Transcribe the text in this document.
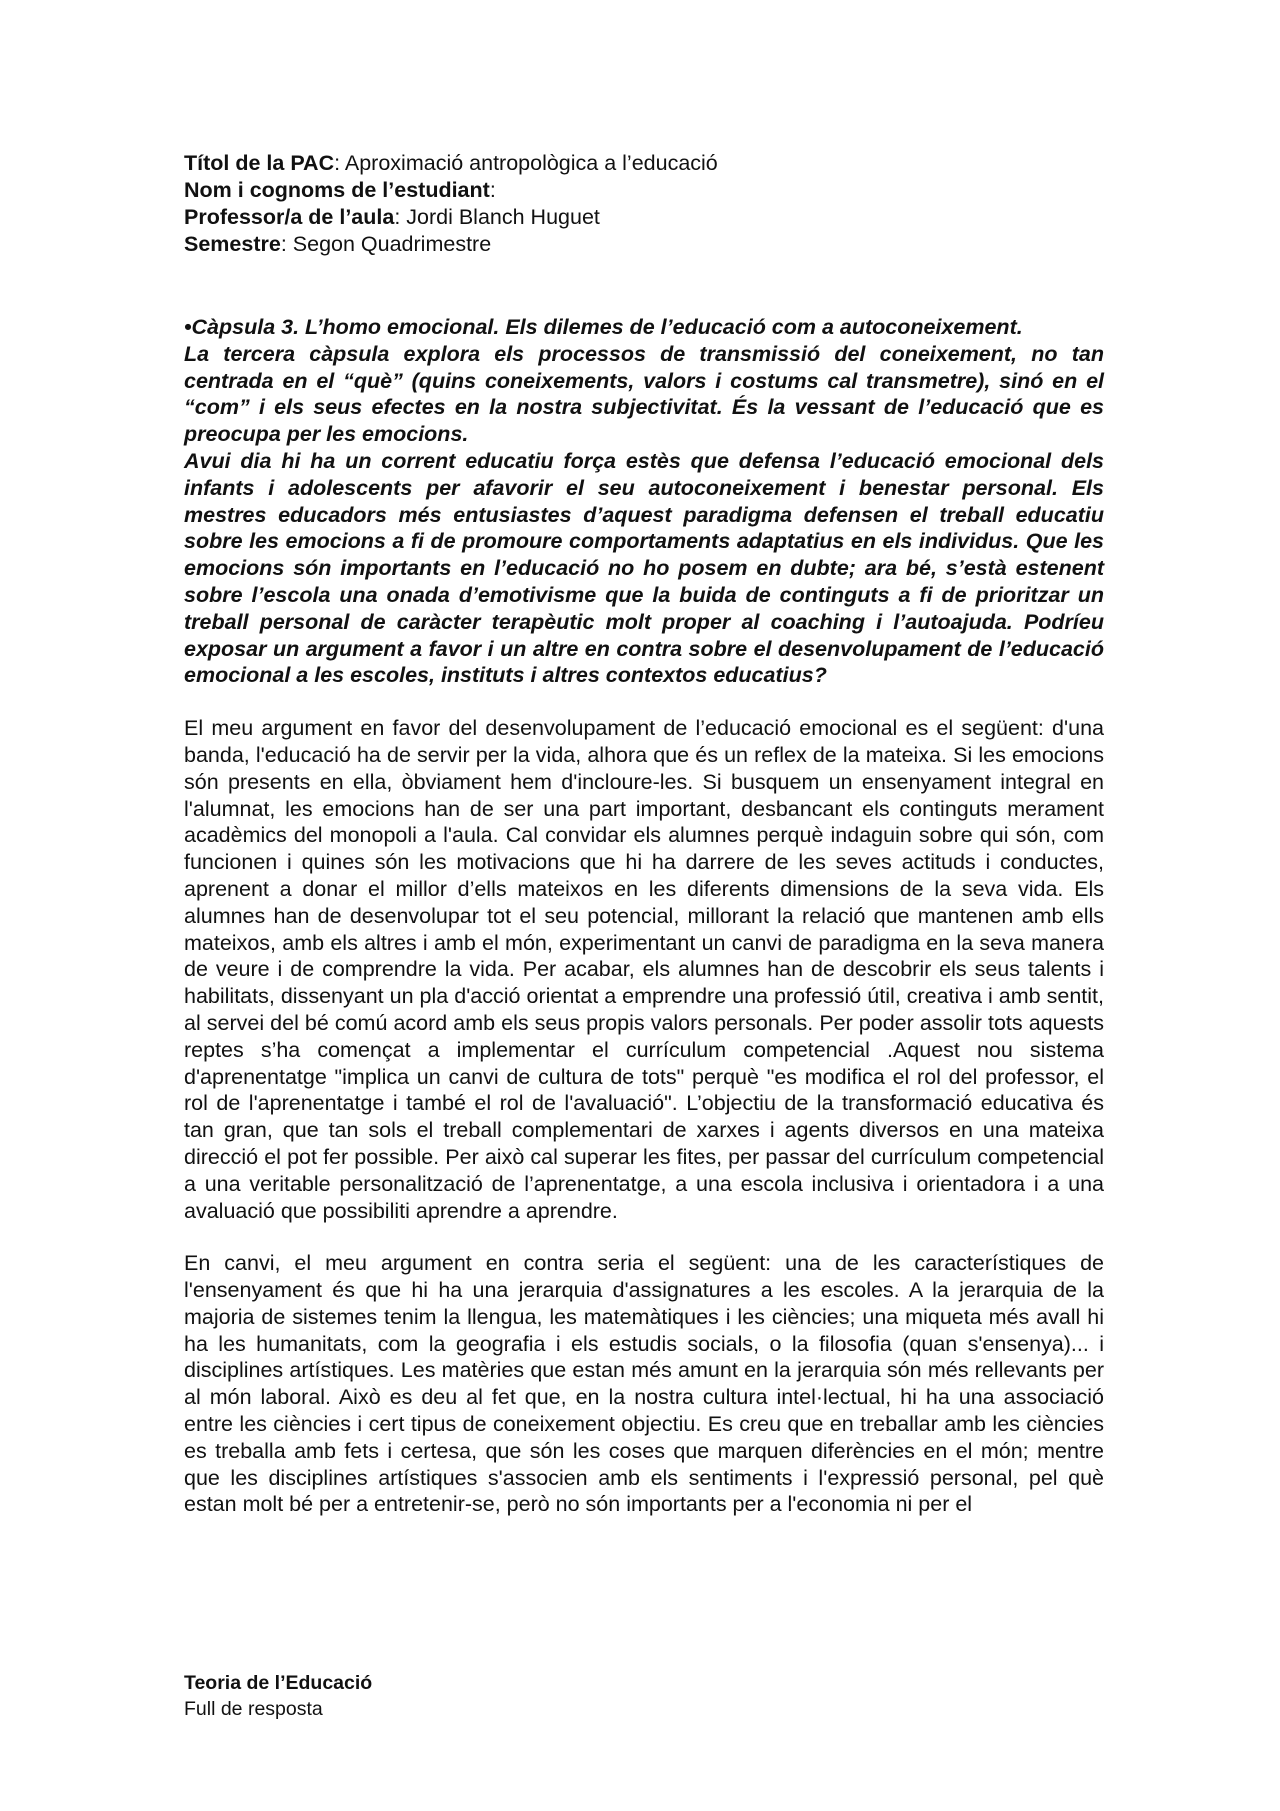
Títol de la PAC: Aproximació antropològica a l’educació
Nom i cognoms de l’estudiant:
Professor/a de l’aula: Jordi Blanch Huguet
Semestre: Segon Quadrimestre

•Càpsula 3. L’homo emocional. Els dilemes de l’educació com a autoconeixement.

La tercera càpsula explora els processos de transmissió del coneixement, no tan centrada en el “què” (quins coneixements, valors i costums cal transmetre), sinó en el “com” i els seus efectes en la nostra subjectivitat. És la vessant de l’educació que es preocupa per les emocions.

Avui dia hi ha un corrent educatiu força estès que defensa l’educació emocional dels infants i adolescents per afavorir el seu autoconeixement i benestar personal. Els mestres educadors més entusiastes d’aquest paradigma defensen el treball educatiu sobre les emocions a fi de promoure comportaments adaptatius en els individus. Que les emocions són importants en l’educació no ho posem en dubte; ara bé, s’està estenent sobre l’escola una onada d’emotivisme que la buida de continguts a fi de prioritzar un treball personal de caràcter terapèutic molt proper al coaching i l’autoajuda. Podríeu exposar un argument a favor i un altre en contra sobre el desenvolupament de l’educació emocional a les escoles, instituts i altres contextos educatius?

El meu argument en favor del desenvolupament de l’educació emocional es el següent: d'una banda, l'educació ha de servir per la vida, alhora que és un reflex de la mateixa. Si les emocions són presents en ella, òbviament hem d'incloure-les. Si busquem un ensenyament integral en l'alumnat, les emocions han de ser una part important, desbancant els continguts merament acadèmics del monopoli a l'aula. Cal convidar els alumnes perquè indaguin sobre qui són, com funcionen i quines són les motivacions que hi ha darrere de les seves actituds i conductes, aprenent a donar el millor d’ells mateixos en les diferents dimensions de la seva vida. Els alumnes han de desenvolupar tot el seu potencial, millorant la relació que mantenen amb ells mateixos, amb els altres i amb el món, experimentant un canvi de paradigma en la seva manera de veure i de comprendre la vida. Per acabar, els alumnes han de descobrir els seus talents i habilitats, dissenyant un pla d'acció orientat a emprendre una professió útil, creativa i amb sentit, al servei del bé comú acord amb els seus propis valors personals. Per poder assolir tots aquests reptes s’ha començat a implementar el currículum competencial .Aquest nou sistema d'aprenentatge "implica un canvi de cultura de tots" perquè "es modifica el rol del professor, el rol de l'aprenentatge i també el rol de l'avaluació". L’objectiu de la transformació educativa és tan gran, que tan sols el treball complementari de xarxes i agents diversos en una mateixa direcció el pot fer possible. Per això cal superar les fites, per passar del currículum competencial a una veritable personalització de l’aprenentatge, a una escola inclusiva i orientadora i a una avaluació que possibiliti aprendre a aprendre.

En canvi, el meu argument en contra seria el següent: una de les característiques de l'ensenyament és que hi ha una jerarquia d'assignatures a les escoles. A la jerarquia de la majoria de sistemes tenim la llengua, les matemàtiques i les ciències; una miqueta més avall hi ha les humanitats, com la geografia i els estudis socials, o la filosofia (quan s'ensenya)... i disciplines artístiques. Les matèries que estan més amunt en la jerarquia són més rellevants per al món laboral. Això es deu al fet que, en la nostra cultura intel·lectual, hi ha una associació entre les ciències i cert tipus de coneixement objectiu. Es creu que en treballar amb les ciències es treballa amb fets i certesa, que són les coses que marquen diferències en el món; mentre que les disciplines artístiques s'associen amb els sentiments i l'expressió personal, pel què estan molt bé per a entretenir-se, però no són importants per a l'economia ni per el

Teoria de l’Educació
Full de resposta
